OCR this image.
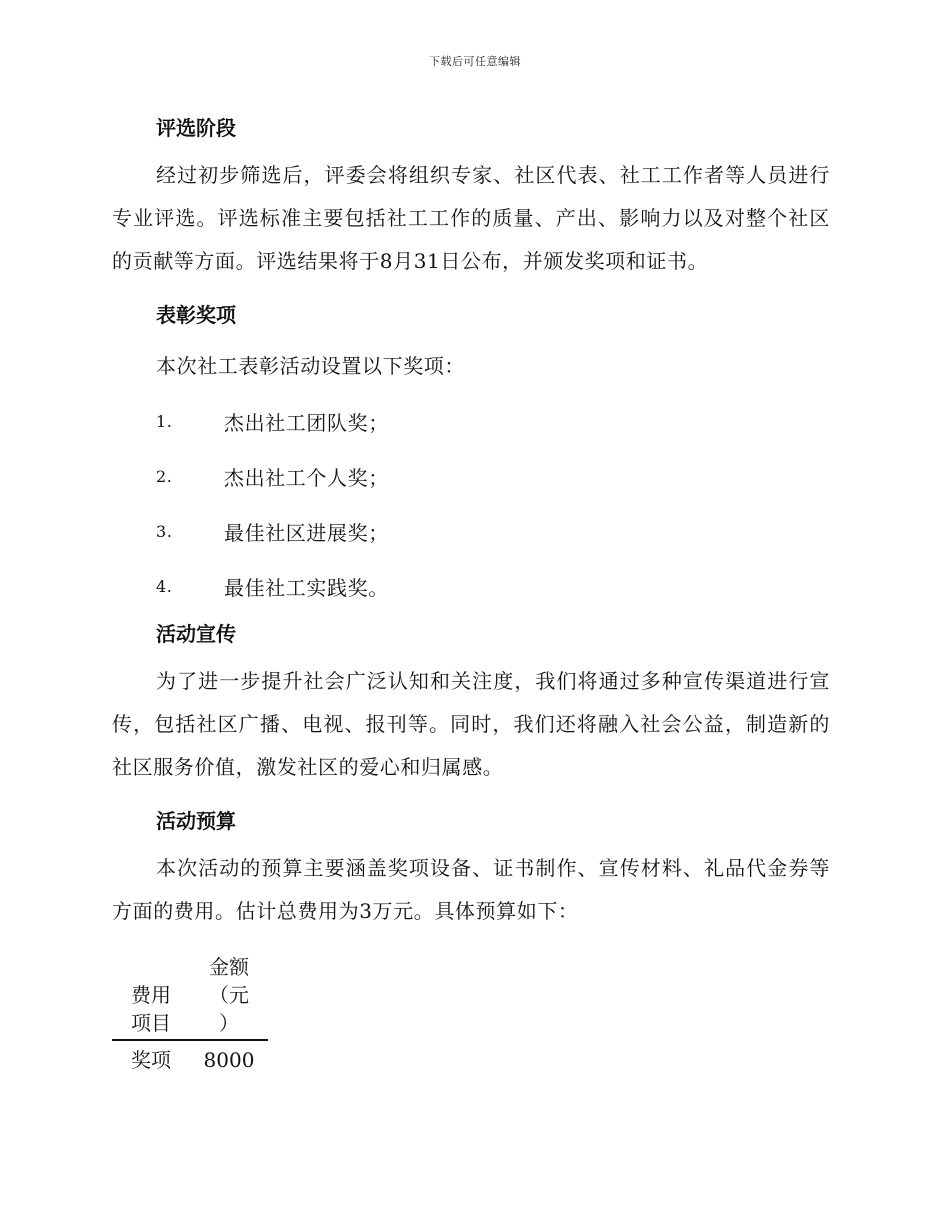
下载后可任意编辑
评选阶段

经过初步筛选后，评委会将组织专家、社区代表、社工工作者等人员进行专业评选。评选标准主要包括社工工作的质量、产出、影响力以及对整个社区的贡献等方面。评选结果将于8月31日公布，并颁发奖项和证书。

表彰奖项

本次社工表彰活动设置以下奖项：

1.	杰出社工团队奖；
2.	杰出社工个人奖；
3.	最佳社区进展奖；
4.	最佳社工实践奖。
活动宣传

为了进一步提升社会广泛认知和关注度，我们将通过多种宣传渠道进行宣传，包括社区广播、电视、报刊等。同时，我们还将融入社会公益，制造新的社区服务价值，激发社区的爱心和归属感。

活动预算

本次活动的预算主要涵盖奖项设备、证书制作、宣传材料、礼品代金券等方面的费用。估计总费用为3万元。具体预算如下：

费用
项目	金额
（元
）

奖项	8000
